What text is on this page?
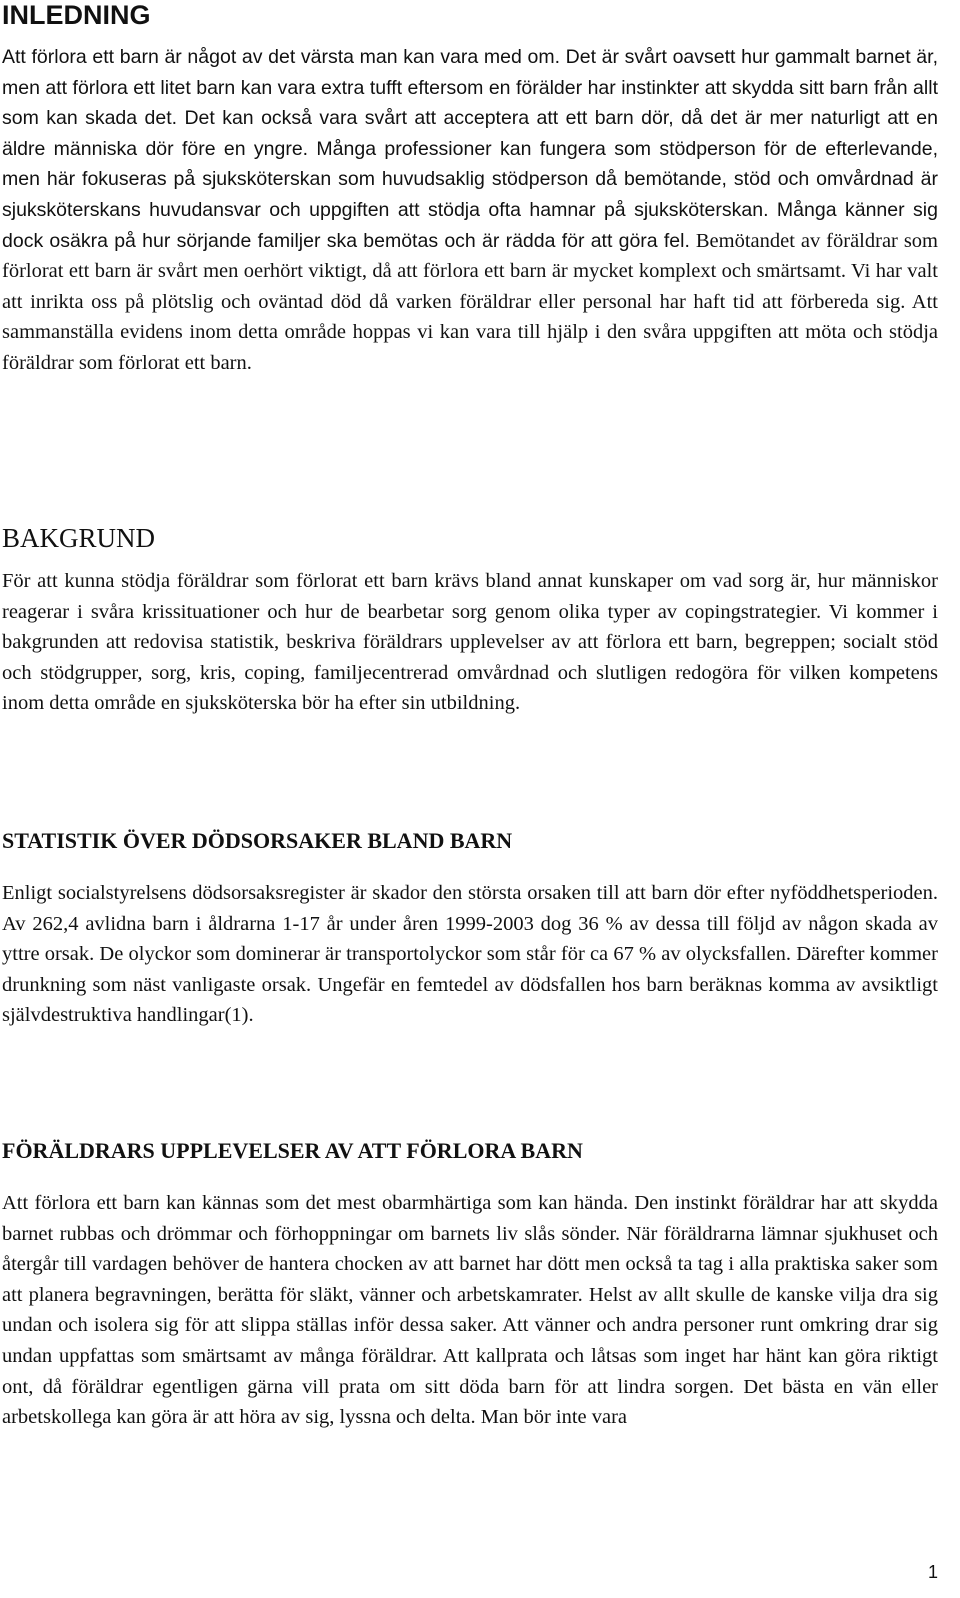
INLEDNING

Att förlora ett barn är något av det värsta man kan vara med om. Det är svårt oavsett hur gammalt barnet är, men att förlora ett litet barn kan vara extra tufft eftersom en förälder har instinkter att skydda sitt barn från allt som kan skada det. Det kan också vara svårt att acceptera att ett barn dör, då det är mer naturligt att en äldre människa dör före en yngre. Många professioner kan fungera som stödperson för de efterlevande, men här fokuseras på sjuksköterskan som huvudsaklig stödperson då bemötande, stöd och omvårdnad är sjuksköterskans huvudansvar och uppgiften att stödja ofta hamnar på sjuksköterskan. Många känner sig dock osäkra på hur sörjande familjer ska bemötas och är rädda för att göra fel. Bemötandet av föräldrar som förlorat ett barn är svårt men oerhört viktigt, då att förlora ett barn är mycket komplext och smärtsamt. Vi har valt att inrikta oss på plötslig och oväntad död då varken föräldrar eller personal har haft tid att förbereda sig. Att sammanställa evidens inom detta område hoppas vi kan vara till hjälp i den svåra uppgiften att möta och stödja föräldrar som förlorat ett barn.

BAKGRUND

För att kunna stödja föräldrar som förlorat ett barn krävs bland annat kunskaper om vad sorg är, hur människor reagerar i svåra krissituationer och hur de bearbetar sorg genom olika typer av copingstrategier. Vi kommer i bakgrunden att redovisa statistik, beskriva föräldrars upplevelser av att förlora ett barn, begreppen; socialt stöd och stödgrupper, sorg, kris, coping, familjecentrerad omvårdnad och slutligen redogöra för vilken kompetens inom detta område en sjuksköterska bör ha efter sin utbildning.

STATISTIK ÖVER DÖDSORSAKER BLAND BARN

Enligt socialstyrelsens dödsorsaksregister är skador den största orsaken till att barn dör efter nyföddhetsperioden. Av 262,4 avlidna barn i åldrarna 1-17 år under åren 1999-2003 dog 36 % av dessa till följd av någon skada av yttre orsak. De olyckor som dominerar är transportolyckor som står för ca 67 % av olycksfallen. Därefter kommer drunkning som näst vanligaste orsak. Ungefär en femtedel av dödsfallen hos barn beräknas komma av avsiktligt självdestruktiva handlingar(1).

FÖRÄLDRARS UPPLEVELSER AV ATT FÖRLORA BARN

Att förlora ett barn kan kännas som det mest obarmhärtiga som kan hända. Den instinkt föräldrar har att skydda barnet rubbas och drömmar och förhoppningar om barnets liv slås sönder. När föräldrarna lämnar sjukhuset och återgår till vardagen behöver de hantera chocken av att barnet har dött men också ta tag i alla praktiska saker som att planera begravningen, berätta för släkt, vänner och arbetskamrater. Helst av allt skulle de kanske vilja dra sig undan och isolera sig för att slippa ställas inför dessa saker. Att vänner och andra personer runt omkring drar sig undan uppfattas som smärtsamt av många föräldrar. Att kallprata och låtsas som inget har hänt kan göra riktigt ont, då föräldrar egentligen gärna vill prata om sitt döda barn för att lindra sorgen. Det bästa en vän eller arbetskollega kan göra är att höra av sig, lyssna och delta. Man bör inte vara

1
